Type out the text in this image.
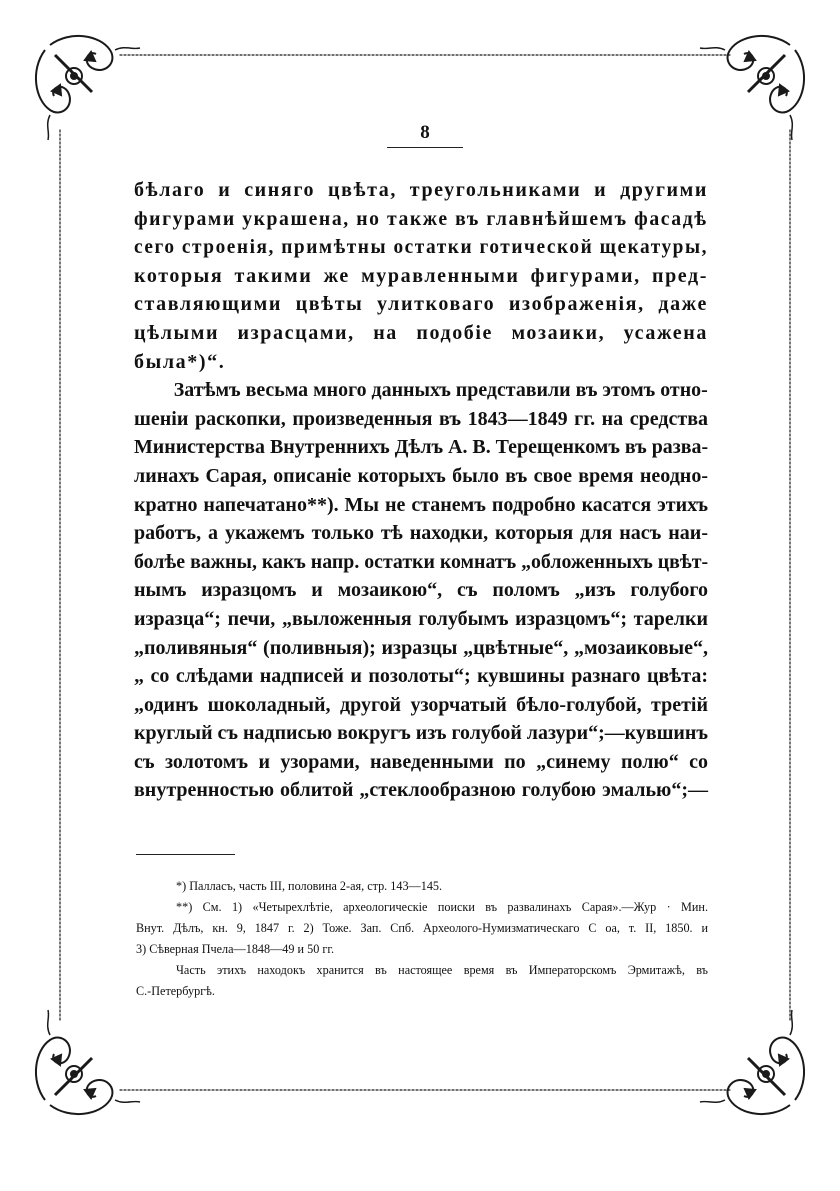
8
бѣлаго и синяго цвѣта, треугольниками и другими
фигурами украшена, но также въ главнѣйшемъ фасадѣ
сего строенія, примѣтны остатки готической щекатуры,
которыя такими же муравленными фигурами, пред-
ставляющими цвѣты улитковаго изображенія, даже
цѣлыми израсцами, на подобіе мозаики, усажена
была*)“.
Затѣмъ весьма много данныхъ представили въ этомъ отно-
шеніи раскопки, произведенныя въ 1843—1849 гг. на средства
Министерства Внутреннихъ Дѣлъ А. В. Терещенкомъ въ разва-
линахъ Сарая, описаніе которыхъ было въ свое время неодно-
кратно напечатано**). Мы не станемъ подробно касатся этихъ
работъ, а укажемъ только тѣ находки, которыя для насъ наи-
болѣе важны, какъ напр. остатки комнатъ „обложенныхъ цвѣт-
нымъ изразцомъ и мозаикою“, съ поломъ „изъ голубого
изразца“; печи, „выложенныя голубымъ изразцомъ“; тарелки
„поливяныя“ (поливныя); изразцы „цвѣтные“, „мозаиковые“,
„ со слѣдами надписей и позолоты“; кувшины разнаго цвѣта:
„одинъ шоколадный, другой узорчатый бѣло-голубой, третій
круглый съ надписью вокругъ изъ голубой лазури“;—кувшинъ
съ золотомъ и узорами, наведенными по „синему полю“ со
внутренностью облитой „стеклообразною голубою эмалью“;—
*) Палласъ, часть III, половина 2-ая, стр. 143—145.
**) См. 1) «Четырехлѣтіе, археологическіе поиски въ развалинахъ Сарая».—Жур · Мин.
Внут. Дѣлъ, кн. 9, 1847 г. 2) Тоже. Зап. Спб. Археолого-Нумизматическаго С оа, т. II, 1850. и
3) Сѣверная Пчела—1848—49 и 50 гг.
Часть этихъ находокъ хранится въ настоящее время въ Императорскомъ Эрмитажѣ, въ
С.-Петербургѣ.
